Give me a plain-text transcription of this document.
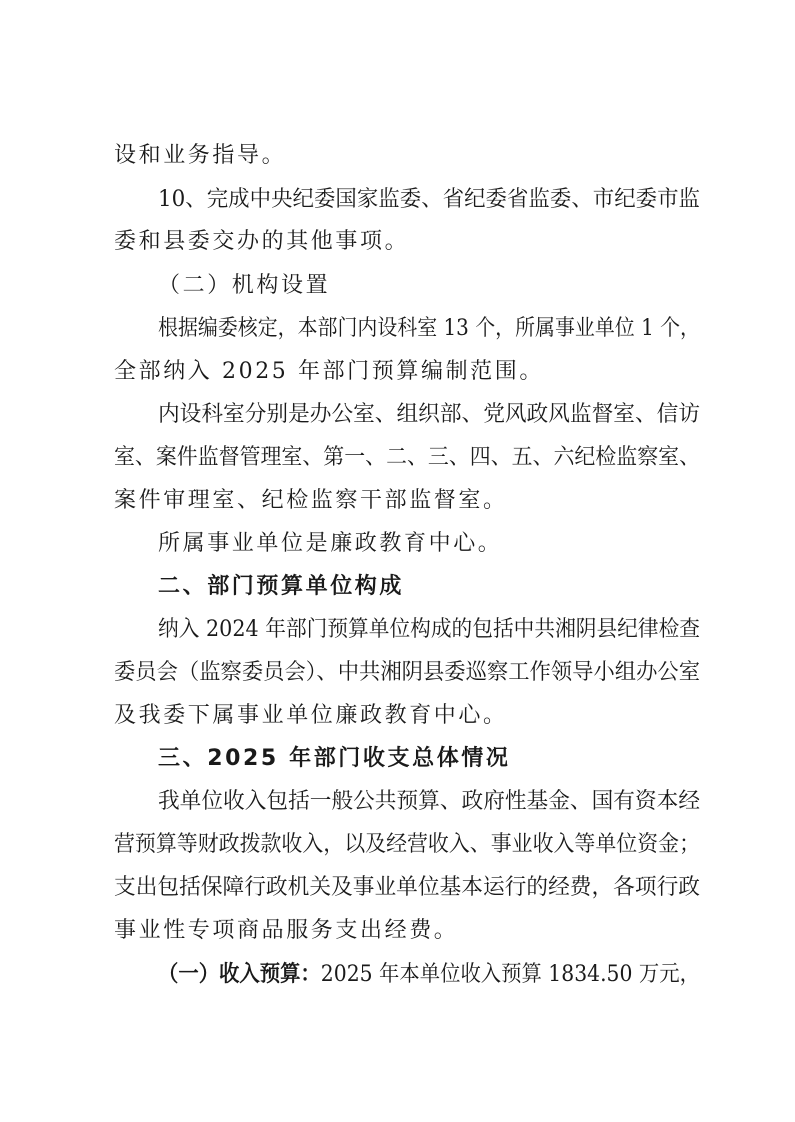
设和业务指导。
10、完成中央纪委国家监委、省纪委省监委、市纪委市监
委和县委交办的其他事项。
（二）机构设置
根据编委核定，本部门内设科室 13 个，所属事业单位 1 个，
全部纳入 2025 年部门预算编制范围。
内设科室分别是办公室、组织部、党风政风监督室、信访
室、案件监督管理室、第一、二、三、四、五、六纪检监察室、
案件审理室、纪检监察干部监督室。
所属事业单位是廉政教育中心。
二、部门预算单位构成
纳入 2024 年部门预算单位构成的包括中共湘阴县纪律检查
委员会（监察委员会）、中共湘阴县委巡察工作领导小组办公室
及我委下属事业单位廉政教育中心。
三、2025 年部门收支总体情况
我单位收入包括一般公共预算、政府性基金、国有资本经
营预算等财政拨款收入，以及经营收入、事业收入等单位资金；
支出包括保障行政机关及事业单位基本运行的经费，各项行政
事业性专项商品服务支出经费。
（一）收入预算：2025 年本单位收入预算 1834.50 万元，
